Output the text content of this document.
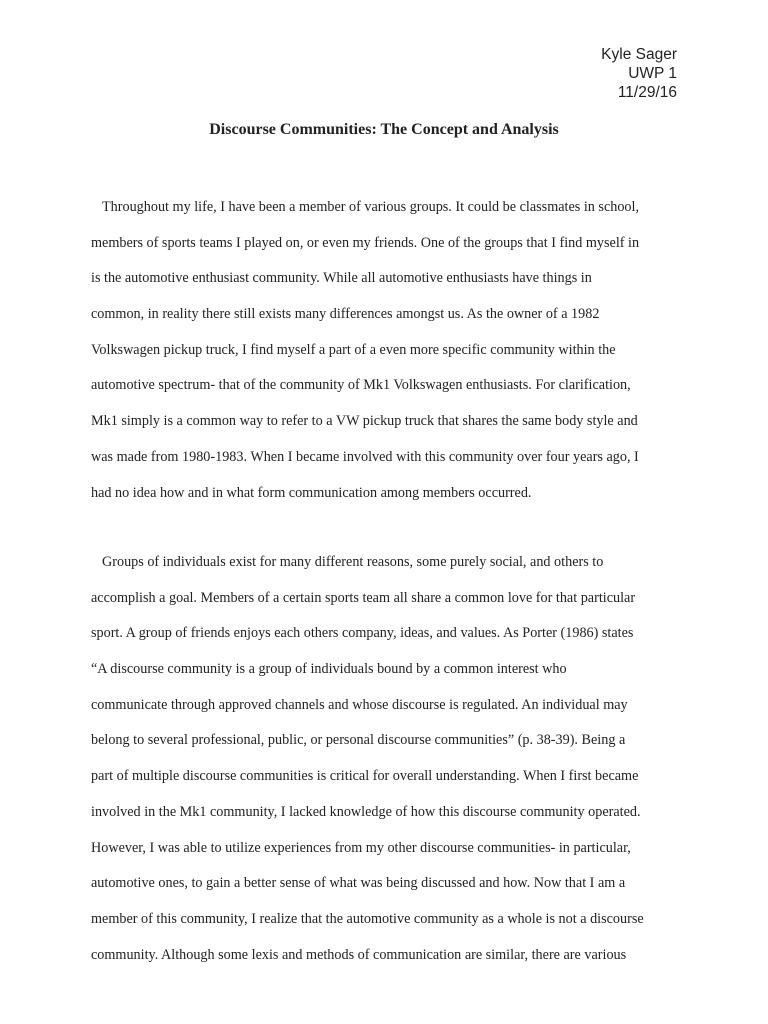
Kyle Sager
UWP 1
11/29/16
Discourse Communities: The Concept and Analysis
Throughout my life, I have been a member of various groups. It could be classmates in school,
members of sports teams I played on, or even my friends. One of the groups that I find myself in
is the automotive enthusiast community. While all automotive enthusiasts have things in
common, in reality there still exists many differences amongst us. As the owner of a 1982
Volkswagen pickup truck, I find myself a part of a even more specific community within the
automotive spectrum- that of the community of Mk1 Volkswagen enthusiasts. For clarification,
Mk1 simply is a common way to refer to a VW pickup truck that shares the same body style and
was made from 1980-1983. When I became involved with this community over four years ago, I
had no idea how and in what form communication among members occurred.
Groups of individuals exist for many different reasons, some purely social, and others to
accomplish a goal. Members of a certain sports team all share a common love for that particular
sport. A group of friends enjoys each others company, ideas, and values. As Porter (1986) states
“A discourse community is a group of individuals bound by a common interest who
communicate through approved channels and whose discourse is regulated. An individual may
belong to several professional, public, or personal discourse communities” (p. 38-39). Being a
part of multiple discourse communities is critical for overall understanding. When I first became
involved in the Mk1 community, I lacked knowledge of how this discourse community operated.
However, I was able to utilize experiences from my other discourse communities- in particular,
automotive ones, to gain a better sense of what was being discussed and how. Now that I am a
member of this community, I realize that the automotive community as a whole is not a discourse
community. Although some lexis and methods of communication are similar, there are various
